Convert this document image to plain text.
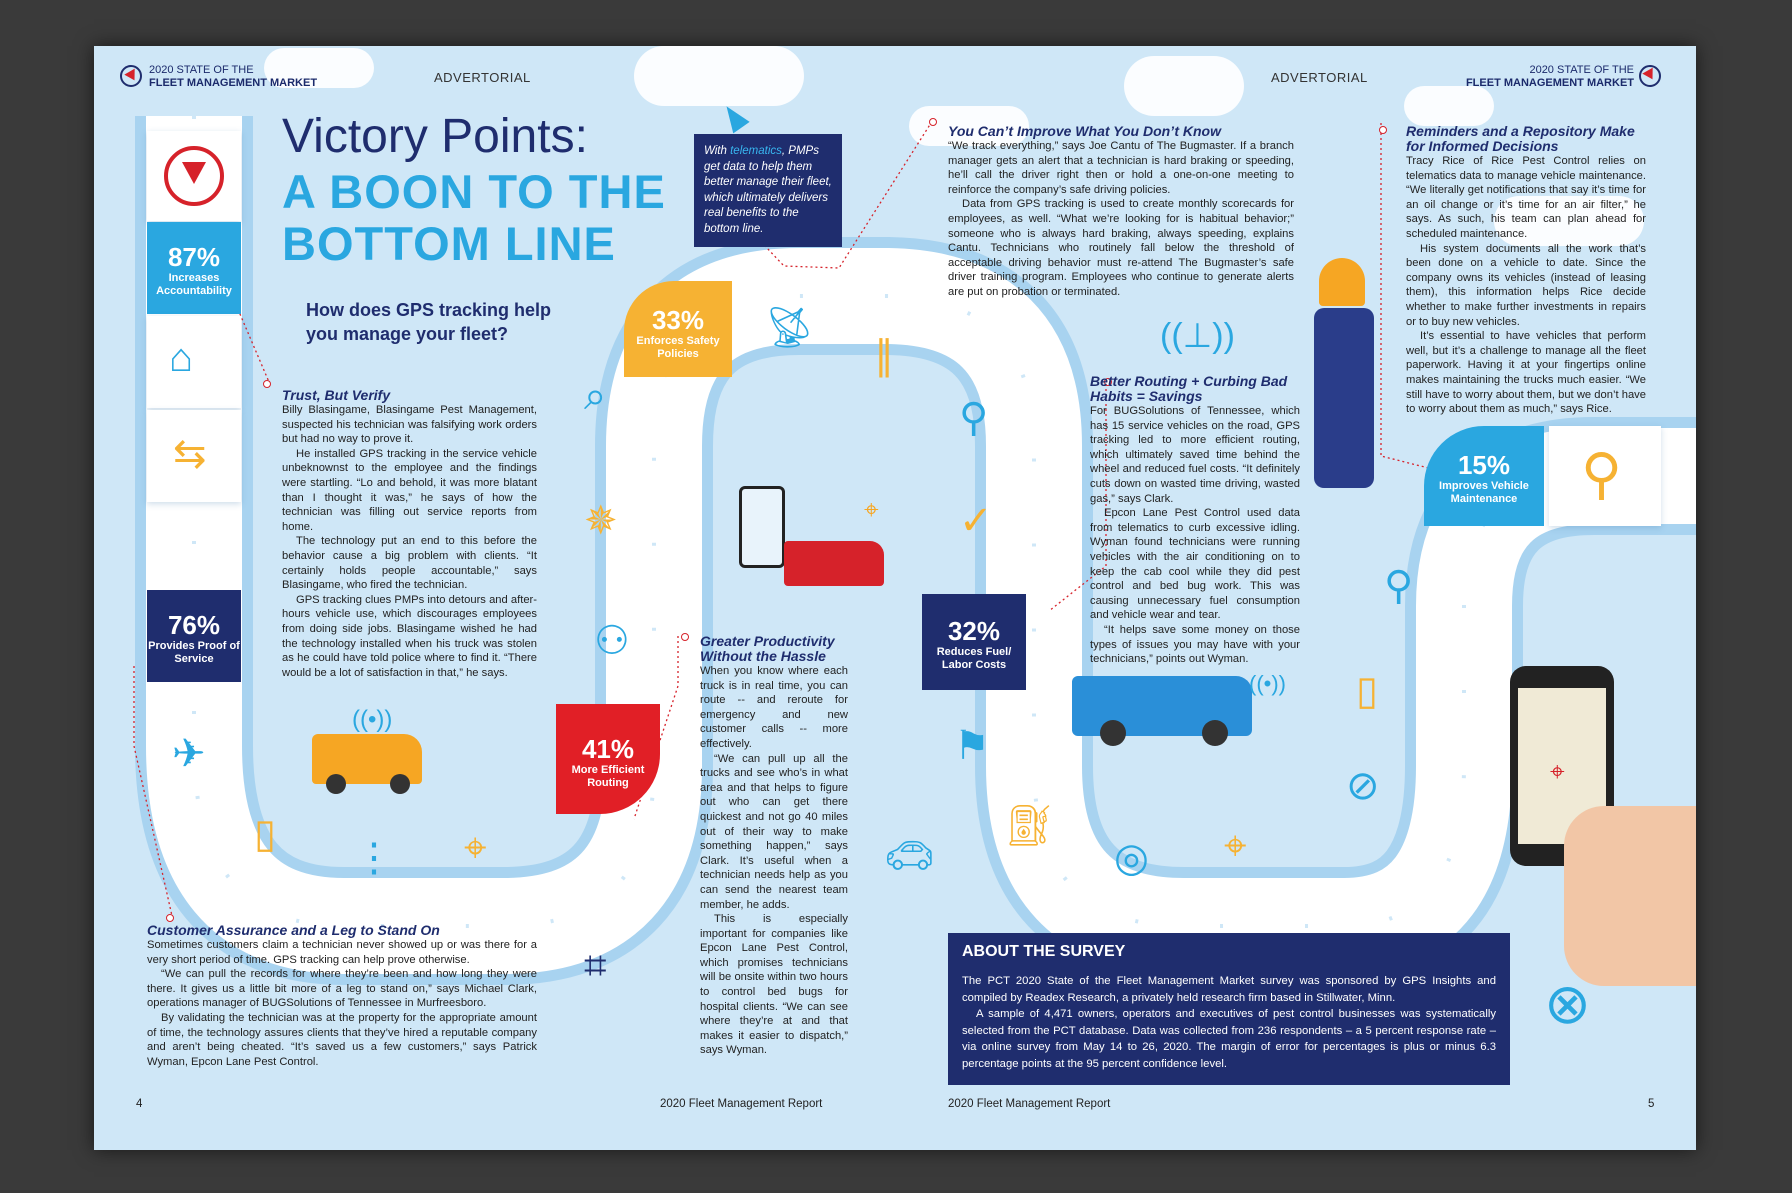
2020 STATE OF THE
FLEET MANAGEMENT MARKET	ADVERTORIAL	ADVERTORIAL	2020 STATE OF THE
FLEET MANAGEMENT MARKET
Victory Points:
A BOON TO THE
BOTTOM LINE
How does GPS tracking help
you manage your fleet?
With telematics, PMPs get data to help them better manage their fleet, which ultimately delivers real benefits to the bottom line.
87%
Increases Accountability
⌂
⇆
76%
Provides Proof of Service
✈
▯
⋮ ⌖
((•))
33%
Enforces Safety Policies
📡︎
∥
⌕	⚲
✵	✓
⚇
41%
More Efficient Routing
32%
Reduces Fuel/ Labor Costs
⌖
⚑
⛽︎
◎ ⌖
⊘
▯
⚲
15%
Improves Vehicle Maintenance	⚲
((•))
((⊥))
⌖
🚗︎
⌗
⊗
Trust, But Verify

Billy Blasingame, Blasingame Pest Management, suspected his technician was falsifying work orders but had no way to prove it.

He installed GPS tracking in the service vehicle unbeknownst to the employee and the findings were startling. “Lo and behold, it was more blatant than I thought it was,” he says of how the technician was filling out service reports from home.

The technology put an end to this before the behavior cause a big problem with clients. “It certainly holds people accountable,” says Blasingame, who fired the technician.

GPS tracking clues PMPs into detours and after-hours vehicle use, which discourages employees from doing side jobs. Blasingame wished he had the technology installed when his truck was stolen as he could have told police where to find it. “There would be a lot of satisfaction in that,” he says.

Customer Assurance and a Leg to Stand On

Sometimes customers claim a technician never showed up or was there for a very short period of time. GPS tracking can help prove otherwise.

“We can pull the records for where they’re been and how long they were there. It gives us a little bit more of a leg to stand on,” says Michael Clark, operations manager of BUGSolutions of Tennessee in Murfreesboro.

By validating the technician was at the property for the appropriate amount of time, the technology assures clients that they’ve hired a reputable company and aren’t being cheated. “It’s saved us a few customers,” says Patrick Wyman, Epcon Lane Pest Control.

Greater Productivity Without the Hassle

When you know where each truck is in real time, you can route -- and reroute for emergency and new customer calls -- more effectively.

“We can pull up all the trucks and see who’s in what area and that helps to figure out who can get there quickest and not go 40 miles out of their way to make something happen,” says Clark. It’s useful when a technician needs help as you can send the nearest team member, he adds.

This is especially important for companies like Epcon Lane Pest Control, which promises technicians will be onsite within two hours to control bed bugs for hospital clients. “We can see where they’re at and that makes it easier to dispatch,” says Wyman.

You Can’t Improve What You Don’t Know

“We track everything,” says Joe Cantu of The Bugmaster. If a branch manager gets an alert that a technician is hard braking or speeding, he’ll call the driver right then or hold a one-on-one meeting to reinforce the company’s safe driving policies.

Data from GPS tracking is used to create monthly scorecards for employees, as well. “What we’re looking for is habitual behavior;” someone who is always hard braking, always speeding, explains Cantu. Technicians who routinely fall below the threshold of acceptable driving behavior must re-attend The Bugmaster’s safe driver training program. Employees who continue to generate alerts are put on probation or terminated.

Better Routing + Curbing Bad Habits = Savings

For BUGSolutions of Tennessee, which has 15 service vehicles on the road, GPS tracking led to more efficient routing, which ultimately saved time behind the wheel and reduced fuel costs. “It definitely cuts down on wasted time driving, wasted gas,” says Clark.

Epcon Lane Pest Control used data from telematics to curb excessive idling. Wyman found technicians were running vehicles with the air conditioning on to keep the cab cool while they did pest control and bed bug work. This was causing unnecessary fuel consumption and vehicle wear and tear.

“It helps save some money on those types of issues you may have with your technicians,” points out Wyman.

Reminders and a Repository Make for Informed Decisions

Tracy Rice of Rice Pest Control relies on telematics data to manage vehicle maintenance. “We literally get notifications that say it’s time for an oil change or it’s time for an air filter,” he says. As such, his team can plan ahead for scheduled maintenance.

His system documents all the work that’s been done on a vehicle to date. Since the company owns its vehicles (instead of leasing them), this information helps Rice decide whether to make further investments in repairs or to buy new vehicles.

It’s essential to have vehicles that perform well, but it’s a challenge to manage all the fleet paperwork. Having it at your fingertips online makes maintaining the trucks much easier. “We still have to worry about them, but we don’t have to worry about them as much,” says Rice.

ABOUT THE SURVEY

The PCT 2020 State of the Fleet Management Market survey was sponsored by GPS Insights and compiled by Readex Research, a privately held research firm based in Stillwater, Minn.

A sample of 4,471 owners, operators and executives of pest control businesses was systematically selected from the PCT database. Data was collected from 236 respondents – a 5 percent response rate – via online survey from May 14 to 26, 2020. The margin of error for percentages is plus or minus 6.3 percentage points at the 95 percent confidence level.

4	2020 Fleet Management Report	2020 Fleet Management Report	5
